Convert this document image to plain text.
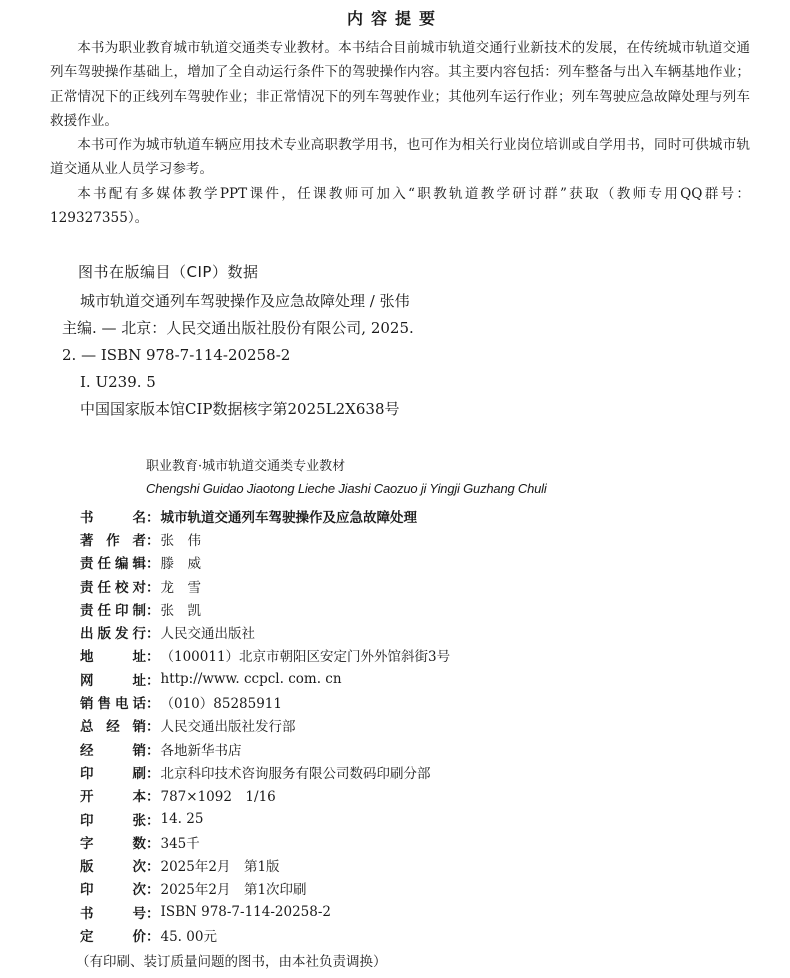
内容提要

本书为职业教育城市轨道交通类专业教材。本书结合目前城市轨道交通行业新技术的发展，在传统城市轨道交通列车驾驶操作基础上，增加了全自动运行条件下的驾驶操作内容。其主要内容包括：列车整备与出入车辆基地作业；正常情况下的正线列车驾驶作业；非正常情况下的列车驾驶作业；其他列车运行作业；列车驾驶应急故障处理与列车救援作业。

本书可作为城市轨道车辆应用技术专业高职教学用书，也可作为相关行业岗位培训或自学用书，同时可供城市轨道交通从业人员学习参考。

本书配有多媒体教学PPT课件，任课教师可加入“职教轨道教学研讨群”获取（教师专用QQ群号：129327355）。

图书在版编目（CIP）数据
城市轨道交通列车驾驶操作及应急故障处理 / 张伟
主编. — 北京：人民交通出版社股份有限公司, 2025.
2. — ISBN 978-7-114-20258-2
Ⅰ. U239. 5
中国国家版本馆CIP数据核字第2025L2X638号
职业教育·城市轨道交通类专业教材
Chengshi Guidao Jiaotong Lieche Jiashi Caozuo ji Yingji Guzhang Chuli
书名 ： 城市轨道交通列车驾驶操作及应急故障处理
著作者 ： 张　伟
责任编辑 ： 滕　威
责任校对 ： 龙　雪
责任印制 ： 张　凯
出版发行 ： 人民交通出版社
地址 ： （100011）北京市朝阳区安定门外外馆斜街3号
网址 ： http://www. ccpcl. com. cn
销售电话 ： （010）85285911
总经销 ： 人民交通出版社发行部
经销 ： 各地新华书店
印刷 ： 北京科印技术咨询服务有限公司数码印刷分部
开本 ： 787×1092　1/16
印张 ： 14. 25
字数 ： 345千
版次 ： 2025年2月　第1版
印次 ： 2025年2月　第1次印刷
书号 ： ISBN 978-7-114-20258-2
定价 ： 45. 00元
（有印刷、装订质量问题的图书，由本社负责调换）
